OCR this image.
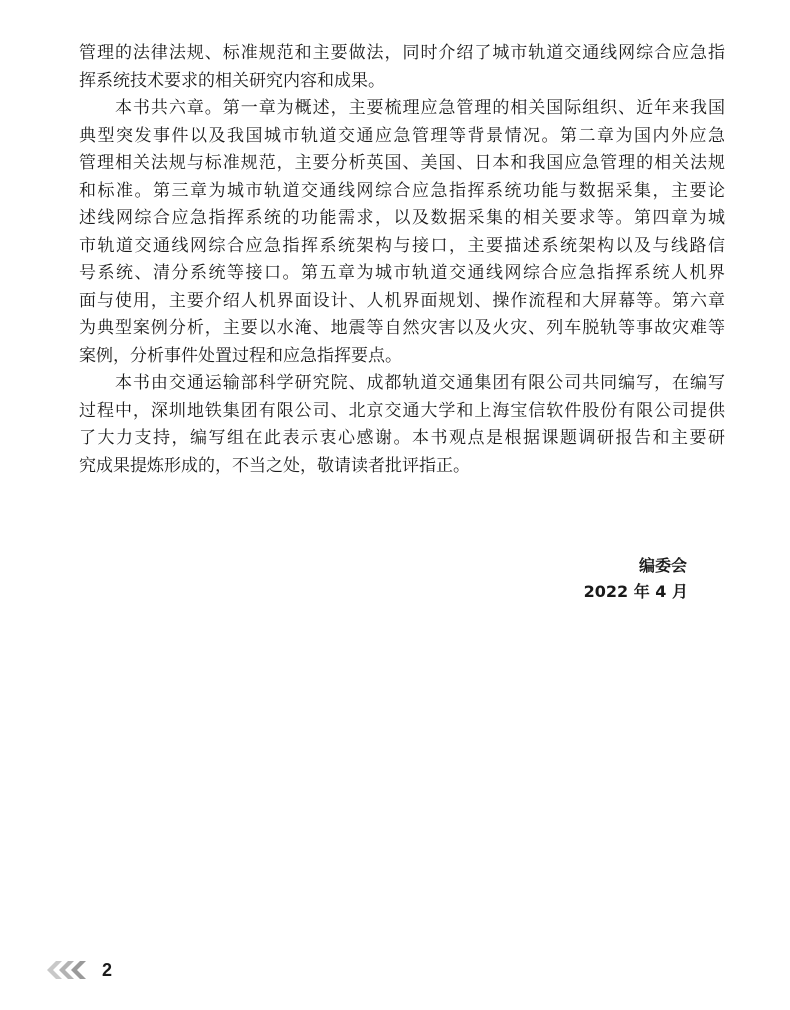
管理的法律法规、标准规范和主要做法，同时介绍了城市轨道交通线网综合应急指
挥系统技术要求的相关研究内容和成果。
　　本书共六章。第一章为概述，主要梳理应急管理的相关国际组织、近年来我国
典型突发事件以及我国城市轨道交通应急管理等背景情况。第二章为国内外应急
管理相关法规与标准规范，主要分析英国、美国、日本和我国应急管理的相关法规
和标准。第三章为城市轨道交通线网综合应急指挥系统功能与数据采集，主要论
述线网综合应急指挥系统的功能需求，以及数据采集的相关要求等。第四章为城
市轨道交通线网综合应急指挥系统架构与接口，主要描述系统架构以及与线路信
号系统、清分系统等接口。第五章为城市轨道交通线网综合应急指挥系统人机界
面与使用，主要介绍人机界面设计、人机界面规划、操作流程和大屏幕等。第六章
为典型案例分析，主要以水淹、地震等自然灾害以及火灾、列车脱轨等事故灾难等
案例，分析事件处置过程和应急指挥要点。
　　本书由交通运输部科学研究院、成都轨道交通集团有限公司共同编写，在编写
过程中，深圳地铁集团有限公司、北京交通大学和上海宝信软件股份有限公司提供
了大力支持，编写组在此表示衷心感谢。本书观点是根据课题调研报告和主要研
究成果提炼形成的，不当之处，敬请读者批评指正。
编委会
2022 年 4 月
2
